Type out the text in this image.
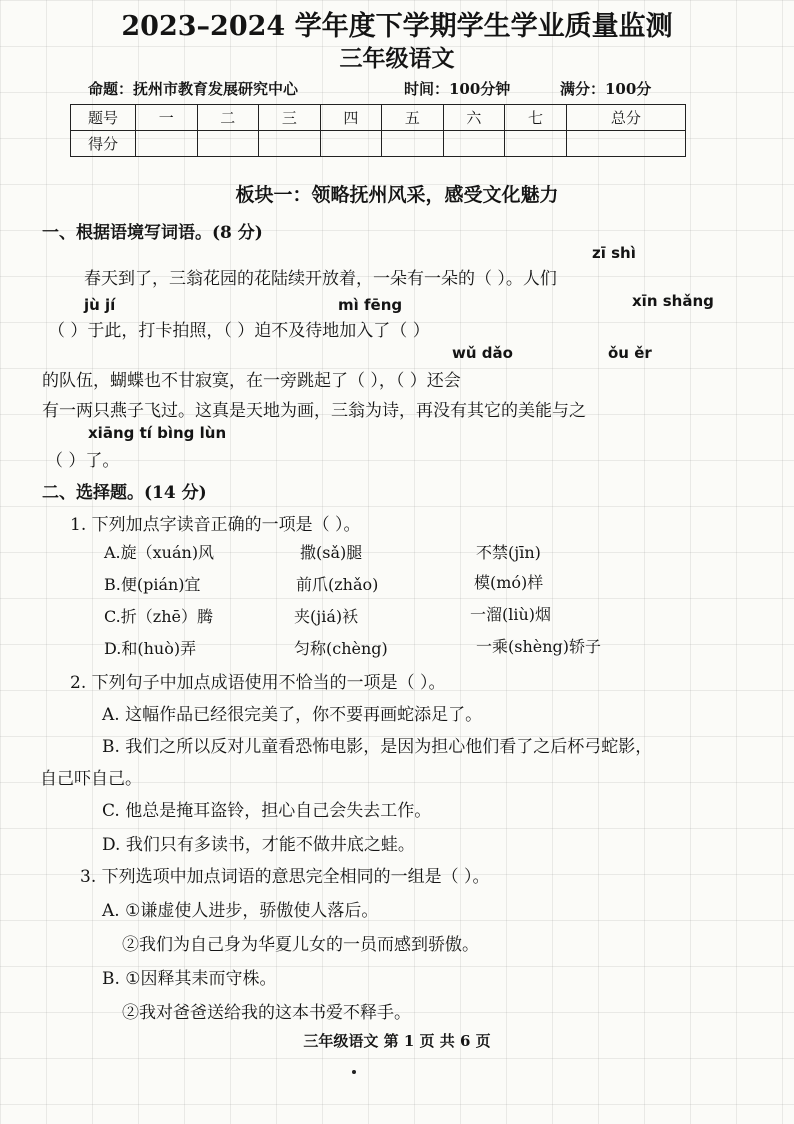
2023–2024 学年度下学期学生学业质量监测
三年级语文
命题：抚州市教育发展研究中心	时间：100分钟	满分：100分
题号	一	二	三	四	五	六	七	总分
得分								
板块一：领略抚州风采，感受文化魅力
一、根据语境写词语。(8 分)
zī shì
春天到了，三翁花园的花陆续开放着，一朵有一朵的（ ）。人们
jù jí	mì fēng	xīn shǎng
（ ）于此，打卡拍照，（ ）迫不及待地加入了（ ）
wǔ dǎo	ǒu ěr
的队伍，蝴蝶也不甘寂寞，在一旁跳起了（ ），（ ）还会
有一两只燕子飞过。这真是天地为画，三翁为诗，再没有其它的美能与之
xiāng tí bìng lùn
（ ）了。
二、选择题。(14 分)
1. 下列加点字读音正确的一项是（ ）。
A.旋（xuán)风	撒(sǎ)腿	不禁(jīn)
B.便(pián)宜	前爪(zhǎo)	模(mó)样
C.折（zhē）腾	夹(jiá)袄	一溜(liù)烟
D.和(huò)弄	匀称(chèng)	一乘(shèng)轿子
2. 下列句子中加点成语使用不恰当的一项是（ ）。
A. 这幅作品已经很完美了，你不要再画蛇添足了。
B. 我们之所以反对儿童看恐怖电影，是因为担心他们看了之后杯弓蛇影，
自己吓自己。
C. 他总是掩耳盗铃，担心自己会失去工作。
D. 我们只有多读书，才能不做井底之蛙。
3. 下列选项中加点词语的意思完全相同的一组是（ ）。
A. ①谦虚使人进步，骄傲使人落后。
②我们为自己身为华夏儿女的一员而感到骄傲。
B. ①因释其耒而守株。
②我对爸爸送给我的这本书爱不释手。
三年级语文 第 1 页 共 6 页
